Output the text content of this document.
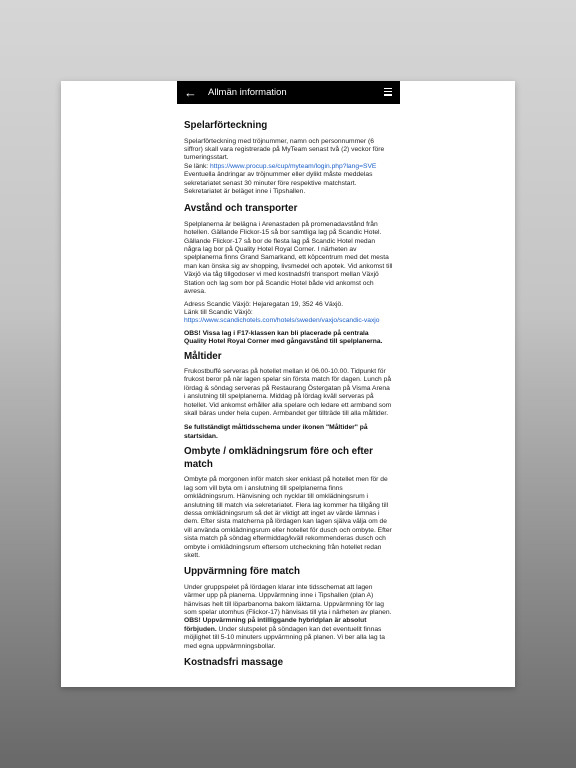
← Allmän information
Spelarförteckning

Spelarförteckning med tröjnummer, namn och personnummer (6 siffror) skall vara registrerade på MyTeam senast två (2) veckor före turneringsstart.
Se länk: https://www.procup.se/cup/myteam/login.php?lang=SVE
Eventuella ändringar av tröjnummer eller dylikt måste meddelas sekretariatet senast 30 minuter före respektive matchstart. Sekretariatet är beläget inne i Tipshallen.

Avstånd och transporter

Spelplanerna är belägna i Arenastaden på promenadavstånd från hotellen. Gällande Flickor-15 så bor samtliga lag på Scandic Hotel. Gällande Flickor-17 så bor de flesta lag på Scandic Hotel medan några lag bor på Quality Hotel Royal Corner. I närheten av spelplanerna finns Grand Samarkand, ett köpcentrum med det mesta man kan önska sig av shopping, livsmedel och apotek. Vid ankomst till Växjö via tåg tillgodoser vi med kostnadsfri transport mellan Växjö Station och lag som bor på Scandic Hotel både vid ankomst och avresa.

Adress Scandic Växjö: Hejaregatan 19, 352 46 Växjö.
Länk till Scandic Växjö:
https://www.scandichotels.com/hotels/sweden/vaxjo/scandic-vaxjo

OBS! Vissa lag i F17-klassen kan bli placerade på centrala Quality Hotel Royal Corner med gångavstånd till spelplanerna.

Måltider

Frukostbuffé serveras på hotellet mellan kl 06.00-10.00. Tidpunkt för frukost beror på när lagen spelar sin första match för dagen. Lunch på lördag & söndag serveras på Restaurang Östergatan på Visma Arena i anslutning till spelplanerna. Middag på lördag kväll serveras på hotellet. Vid ankomst erhåller alla spelare och ledare ett armband som skall bäras under hela cupen. Armbandet ger tillträde till alla måltider.

Se fullständigt måltidsschema under ikonen "Måltider" på startsidan.

Ombyte / omklädningsrum före och efter match

Ombyte på morgonen inför match sker enklast på hotellet men för de lag som vill byta om i anslutning till spelplanerna finns omklädningsrum. Hänvisning och nycklar till omklädningsrum i anslutning till match via sekretariatet. Flera lag kommer ha tillgång till dessa omklädningsrum så det är viktigt att inget av värde lämnas i dem. Efter sista matcherna på lördagen kan lagen själva välja om de vill använda omklädningsrum eller hotellet för dusch och ombyte. Efter sista match på söndag eftermiddag/kväll rekommenderas dusch och ombyte i omklädningsrum eftersom utcheckning från hotellet redan skett.

Uppvärmning före match

Under gruppspelet på lördagen klarar inte tidsschemat att lagen värmer upp på planerna. Uppvärmning inne i Tipshallen (plan A) hänvisas helt till löparbanorna bakom läktarna. Uppvärmning för lag som spelar utomhus (Flickor-17) hänvisas till yta i närheten av planen. OBS! Uppvärmning på intilliggande hybridplan är absolut förbjuden. Under slutspelet på söndagen kan det eventuellt finnas möjlighet till 5-10 minuters uppvärmning på planen. Vi ber alla lag ta med egna uppvärmningsbollar.

Kostnadsfri massage
